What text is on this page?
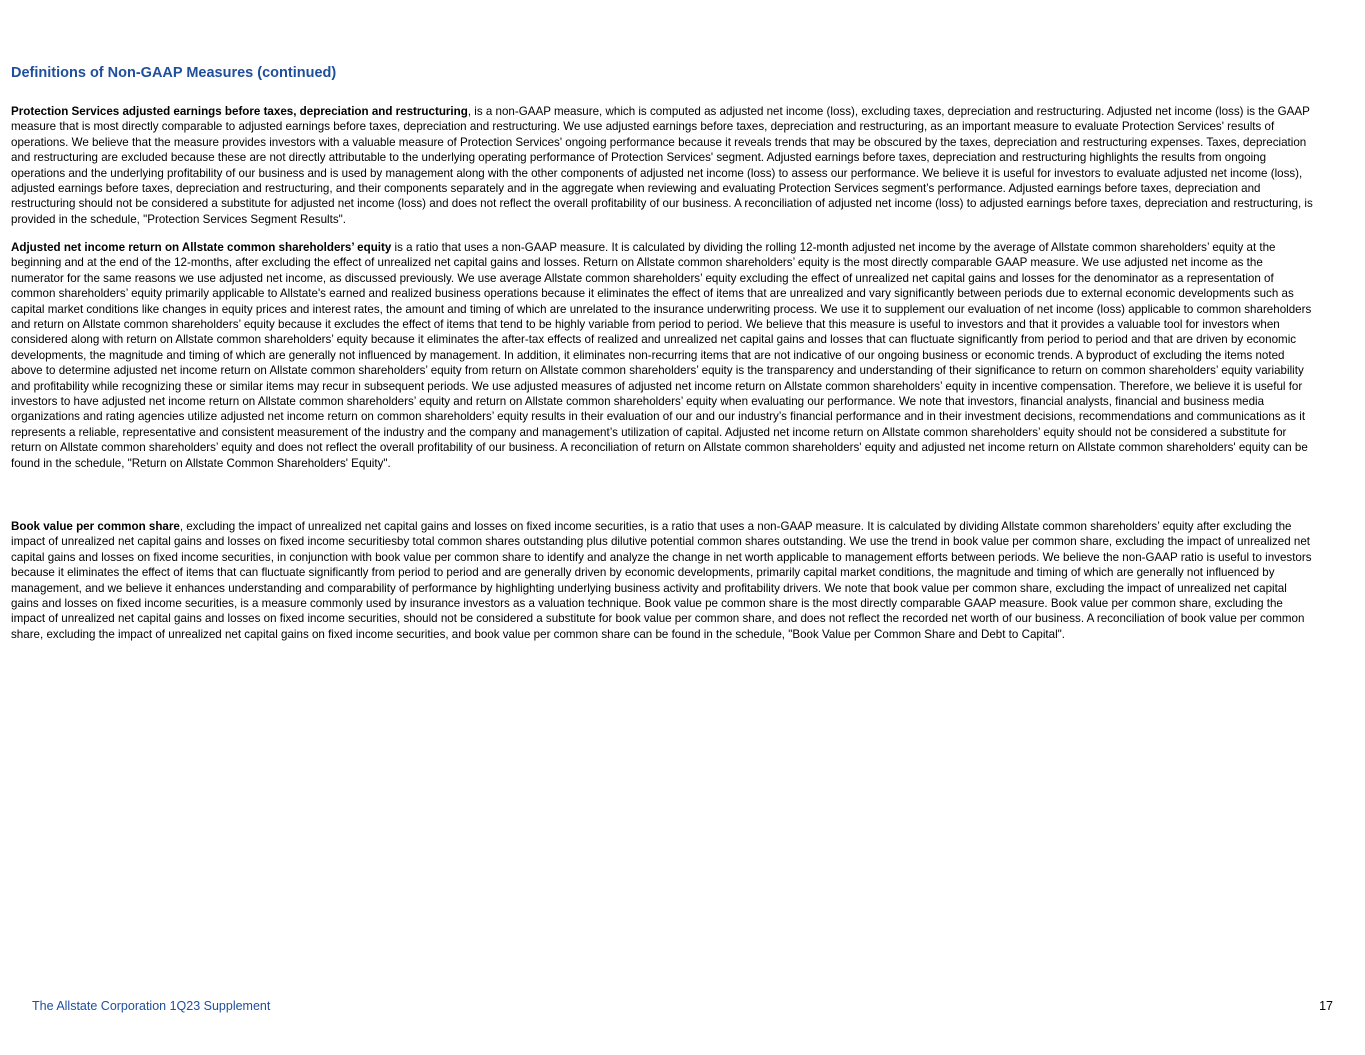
Definitions of Non-GAAP Measures (continued)

Protection Services adjusted earnings before taxes, depreciation and restructuring, is a non-GAAP measure, which is computed as adjusted net income (loss), excluding taxes, depreciation and restructuring. Adjusted net income (loss) is the GAAP measure that is most directly comparable to adjusted earnings before taxes, depreciation and restructuring. We use adjusted earnings before taxes, depreciation and restructuring, as an important measure to evaluate Protection Services' results of operations. We believe that the measure provides investors with a valuable measure of Protection Services' ongoing performance because it reveals trends that may be obscured by the taxes, depreciation and restructuring expenses. Taxes, depreciation and restructuring are excluded because these are not directly attributable to the underlying operating performance of Protection Services' segment. Adjusted earnings before taxes, depreciation and restructuring highlights the results from ongoing operations and the underlying profitability of our business and is used by management along with the other components of adjusted net income (loss) to assess our performance. We believe it is useful for investors to evaluate adjusted net income (loss), adjusted earnings before taxes, depreciation and restructuring, and their components separately and in the aggregate when reviewing and evaluating Protection Services segment’s performance. Adjusted earnings before taxes, depreciation and restructuring should not be considered a substitute for adjusted net income (loss) and does not reflect the overall profitability of our business. A reconciliation of adjusted net income (loss) to adjusted earnings before taxes, depreciation and restructuring, is provided in the schedule, "Protection Services Segment Results".

Adjusted net income return on Allstate common shareholders’ equity is a ratio that uses a non-GAAP measure. It is calculated by dividing the rolling 12-month adjusted net income by the average of Allstate common shareholders’ equity at the beginning and at the end of the 12-months, after excluding the effect of unrealized net capital gains and losses. Return on Allstate common shareholders’ equity is the most directly comparable GAAP measure. We use adjusted net income as the numerator for the same reasons we use adjusted net income, as discussed previously. We use average Allstate common shareholders’ equity excluding the effect of unrealized net capital gains and losses for the denominator as a representation of common shareholders’ equity primarily applicable to Allstate's earned and realized business operations because it eliminates the effect of items that are unrealized and vary significantly between periods due to external economic developments such as capital market conditions like changes in equity prices and interest rates, the amount and timing of which are unrelated to the insurance underwriting process. We use it to supplement our evaluation of net income (loss) applicable to common shareholders and return on Allstate common shareholders’ equity because it excludes the effect of items that tend to be highly variable from period to period. We believe that this measure is useful to investors and that it provides a valuable tool for investors when considered along with return on Allstate common shareholders’ equity because it eliminates the after-tax effects of realized and unrealized net capital gains and losses that can fluctuate significantly from period to period and that are driven by economic developments, the magnitude and timing of which are generally not influenced by management. In addition, it eliminates non-recurring items that are not indicative of our ongoing business or economic trends. A byproduct of excluding the items noted above to determine adjusted net income return on Allstate common shareholders’ equity from return on Allstate common shareholders’ equity is the transparency and understanding of their significance to return on common shareholders’ equity variability and profitability while recognizing these or similar items may recur in subsequent periods. We use adjusted measures of adjusted net income return on Allstate common shareholders’ equity in incentive compensation. Therefore, we believe it is useful for investors to have adjusted net income return on Allstate common shareholders’ equity and return on Allstate common shareholders’ equity when evaluating our performance. We note that investors, financial analysts, financial and business media organizations and rating agencies utilize adjusted net income return on common shareholders’ equity results in their evaluation of our and our industry’s financial performance and in their investment decisions, recommendations and communications as it represents a reliable, representative and consistent measurement of the industry and the company and management’s utilization of capital. Adjusted net income return on Allstate common shareholders’ equity should not be considered a substitute for return on Allstate common shareholders’ equity and does not reflect the overall profitability of our business. A reconciliation of return on Allstate common shareholders' equity and adjusted net income return on Allstate common shareholders' equity can be found in the schedule, "Return on Allstate Common Shareholders' Equity".

Book value per common share, excluding the impact of unrealized net capital gains and losses on fixed income securities, is a ratio that uses a non-GAAP measure. It is calculated by dividing Allstate common shareholders’ equity after excluding the impact of unrealized net capital gains and losses on fixed income securitiesby total common shares outstanding plus dilutive potential common shares outstanding. We use the trend in book value per common share, excluding the impact of unrealized net capital gains and losses on fixed income securities, in conjunction with book value per common share to identify and analyze the change in net worth applicable to management efforts between periods. We believe the non-GAAP ratio is useful to investors because it eliminates the effect of items that can fluctuate significantly from period to period and are generally driven by economic developments, primarily capital market conditions, the magnitude and timing of which are generally not influenced by management, and we believe it enhances understanding and comparability of performance by highlighting underlying business activity and profitability drivers. We note that book value per common share, excluding the impact of unrealized net capital gains and losses on fixed income securities, is a measure commonly used by insurance investors as a valuation technique. Book value pe common share is the most directly comparable GAAP measure. Book value per common share, excluding the impact of unrealized net capital gains and losses on fixed income securities, should not be considered a substitute for book value per common share, and does not reflect the recorded net worth of our business. A reconciliation of book value per common share, excluding the impact of unrealized net capital gains on fixed income securities, and book value per common share can be found in the schedule, "Book Value per Common Share and Debt to Capital".

The Allstate Corporation 1Q23 Supplement	17
